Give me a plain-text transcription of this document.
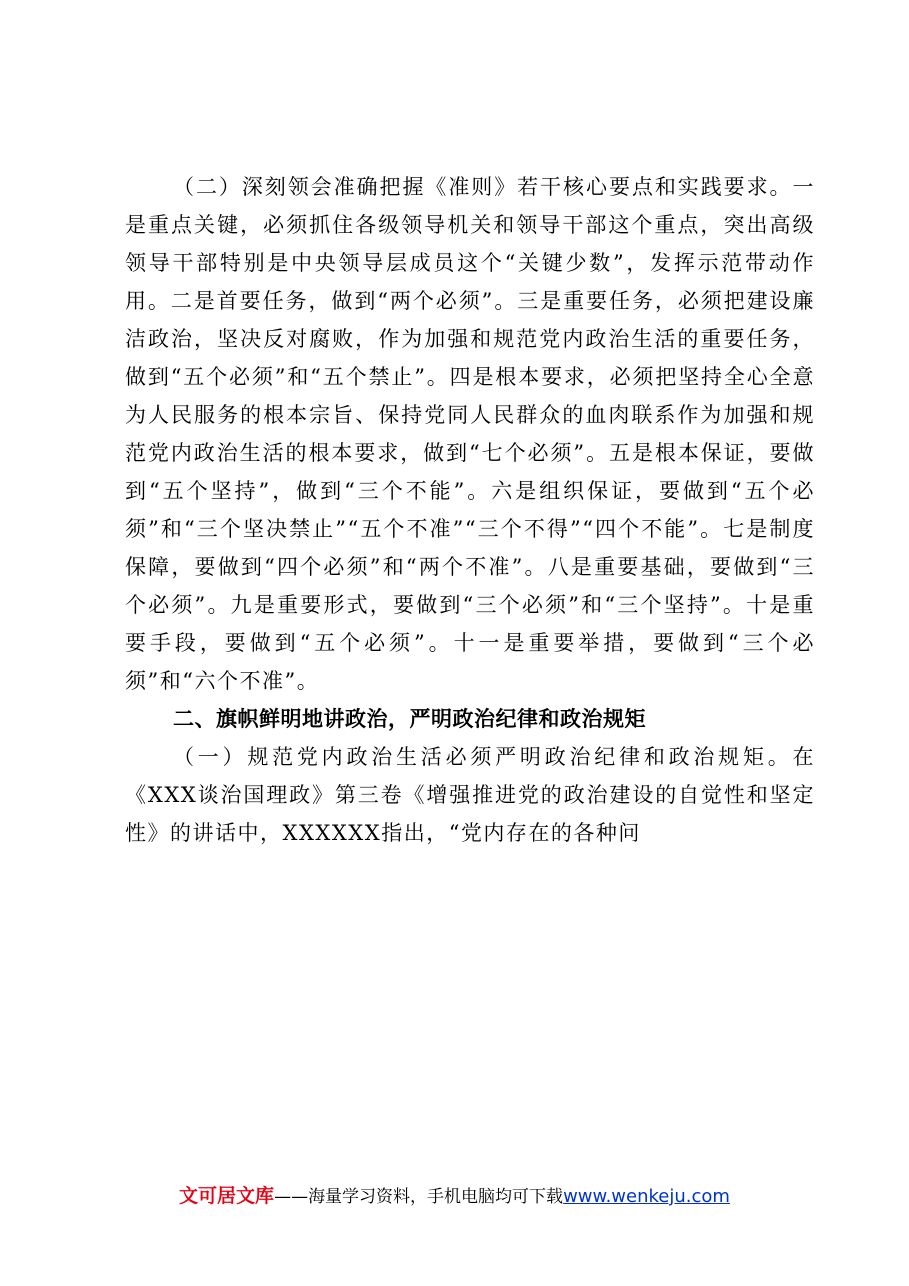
（二）深刻领会准确把握《准则》若干核心要点和实践要求。一是重点关键，必须抓住各级领导机关和领导干部这个重点，突出高级领导干部特别是中央领导层成员这个“关键少数”，发挥示范带动作用。二是首要任务，做到“两个必须”。三是重要任务，必须把建设廉洁政治，坚决反对腐败，作为加强和规范党内政治生活的重要任务，做到“五个必须”和“五个禁止”。四是根本要求，必须把坚持全心全意为人民服务的根本宗旨、保持党同人民群众的血肉联系作为加强和规范党内政治生活的根本要求，做到“七个必须”。五是根本保证，要做到“五个坚持”，做到“三个不能”。六是组织保证，要做到“五个必须”和“三个坚决禁止”“五个不准”“三个不得”“四个不能”。七是制度保障，要做到“四个必须”和“两个不准”。八是重要基础，要做到“三个必须”。九是重要形式，要做到“三个必须”和“三个坚持”。十是重要手段，要做到“五个必须”。十一是重要举措，要做到“三个必须”和“六个不准”。

二、旗帜鲜明地讲政治，严明政治纪律和政治规矩

（一）规范党内政治生活必须严明政治纪律和政治规矩。在《XXX谈治国理政》第三卷《增强推进党的政治建设的自觉性和坚定性》的讲话中，XXXXXX指出，“党内存在的各种问

文可居文库——海量学习资料，手机电脑均可下载www.wenkeju.com
